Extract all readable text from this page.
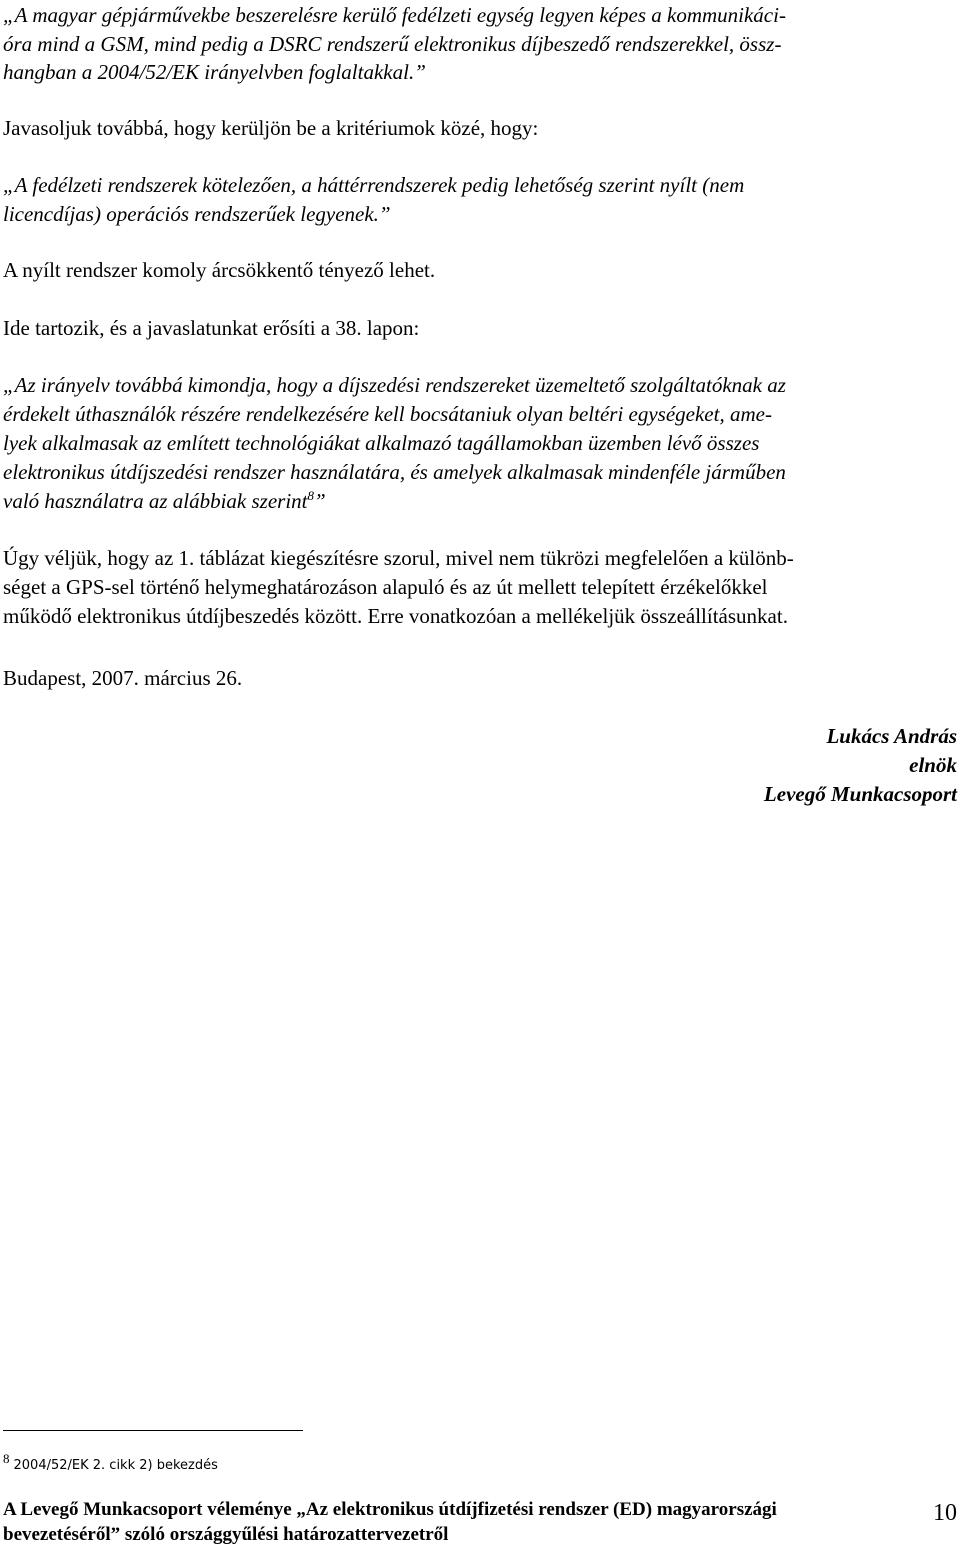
„A magyar gépjárművekbe beszerelésre kerülő fedélzeti egység legyen képes a kommunikáci-
óra mind a GSM, mind pedig a DSRC rendszerű elektronikus díjbeszedő rendszerekkel, össz-
hangban a 2004/52/EK irányelvben foglaltakkal.”
Javasoljuk továbbá, hogy kerüljön be a kritériumok közé, hogy:
„A fedélzeti rendszerek kötelezően, a háttérrendszerek pedig lehetőség szerint nyílt (nem
licencdíjas) operációs rendszerűek legyenek.”
A nyílt rendszer komoly árcsökkentő tényező lehet.
Ide tartozik, és a javaslatunkat erősíti a 38. lapon:
„Az irányelv továbbá kimondja, hogy a díjszedési rendszereket üzemeltető szolgáltatóknak az
érdekelt úthasználók részére rendelkezésére kell bocsátaniuk olyan beltéri egységeket, ame-
lyek alkalmasak az említett technológiákat alkalmazó tagállamokban üzemben lévő összes
elektronikus útdíjszedési rendszer használatára, és amelyek alkalmasak mindenféle járműben
való használatra az alábbiak szerint$^8$”
Úgy véljük, hogy az 1. táblázat kiegészítésre szorul, mivel nem tükrözi megfelelően a különb-
séget a GPS-sel történő helymeghatározáson alapuló és az út mellett telepített érzékelőkkel
működő elektronikus útdíjbeszedés között. Erre vonatkozóan a mellékeljük összeállításunkat.
Budapest, 2007. március 26.
Lukács András
elnök
Levegő Munkacsoport
8 2004/52/EK 2. cikk 2) bekezdés
A Levegő Munkacsoport véleménye „Az elektronikus útdíjfizetési rendszer (ED) magyarországi
bevezetéséről” szóló országgyűlési határozattervezetről
10
